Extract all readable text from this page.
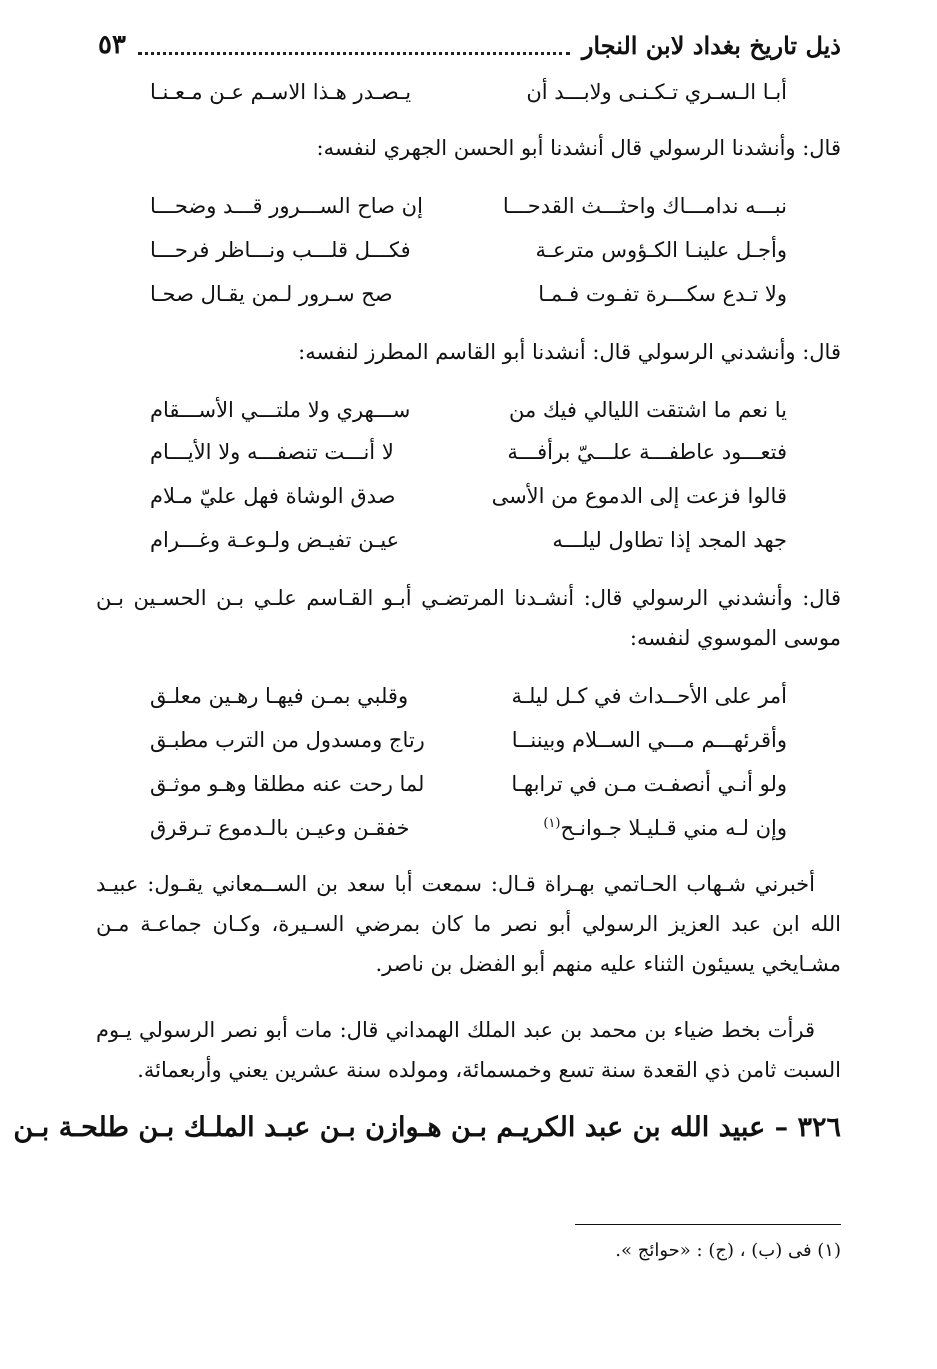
ذيل تاريخ بغداد لابن النجار
٥٣
أبـا الـسـري تـكـنـى ولابـــد أن
يـصـدر هـذا الاسـم عـن مـعـنـا
قال: وأنشدنا الرسولي قال أنشدنا أبو الحسن الجهري لنفسه:
نبـــه ندامـــاك واحثـــث القدحـــا
إن صاح الســـرور قـــد وضحـــا
وأجـل علينـا الكـؤوس مترعـة
فكـــل قلـــب ونـــاظر فرحـــا
ولا تـدع سكـــرة تفـوت فـمـا
صح سـرور لـمن يقـال صحـا
قال: وأنشدني الرسولي قال: أنشدنا أبو القاسم المطرز لنفسه:
يا نعم ما اشتقت الليالي فيك من
ســـهري ولا ملتـــي الأســـقام
فتعـــود عاطفـــة علـــيّ برأفـــة
لا أنـــت تنصفـــه ولا الأيـــام
قالوا فزعت إلى الدموع من الأسى
صدق الوشاة فهل عليّ مـلام
جهد المجد إذا تطاول ليلـــه
عيـن تفيـض ولـوعـة وغـــرام
قال: وأنشدني الرسولي قال: أنشـدنا المرتضـي أبـو القـاسم علـي بـن الحسـين بـن موسى الموسوي لنفسه:
أمر على الأحــداث في كـل ليلـة
وقلبي بمـن فيهـا رهـين معلـق
وأقرئهـــم مـــي الســلام وبيننــا
رتاج ومسدول من الترب مطبـق
ولو أنـي أنصفـت مـن في ترابهـا
لما رحت عنه مطلقا وهـو موثـق
وإن لـه مني قـليـلا جـوانـح$^{(١)}$
خفقـن وعيـن بالـدموع تـرقرق
أخبرني شـهاب الحـاتمي بهـراة قـال: سمعت أبا سعد بن الســمعاني يقـول: عبيـد الله ابن عبد العزيز الرسولي أبو نصر ما كان بمرضي السـيرة، وكـان جماعـة مـن مشـايخي يسيئون الثناء عليه منهم أبو الفضل بن ناصر.
قرأت بخط ضياء بن محمد بن عبد الملك الهمداني قال: مات أبو نصر الرسولي يـوم السبت ثامن ذي القعدة سنة تسع وخمسمائة، ومولده سنة عشرين يعني وأربعمائة.
٣٢٦ – عبيد الله بن عبد الكريـم بـن هـوازن بـن عبـد الملـك بـن طلحـة بـن
(١) فى (ب) ، (ج) : «حوائج ».
